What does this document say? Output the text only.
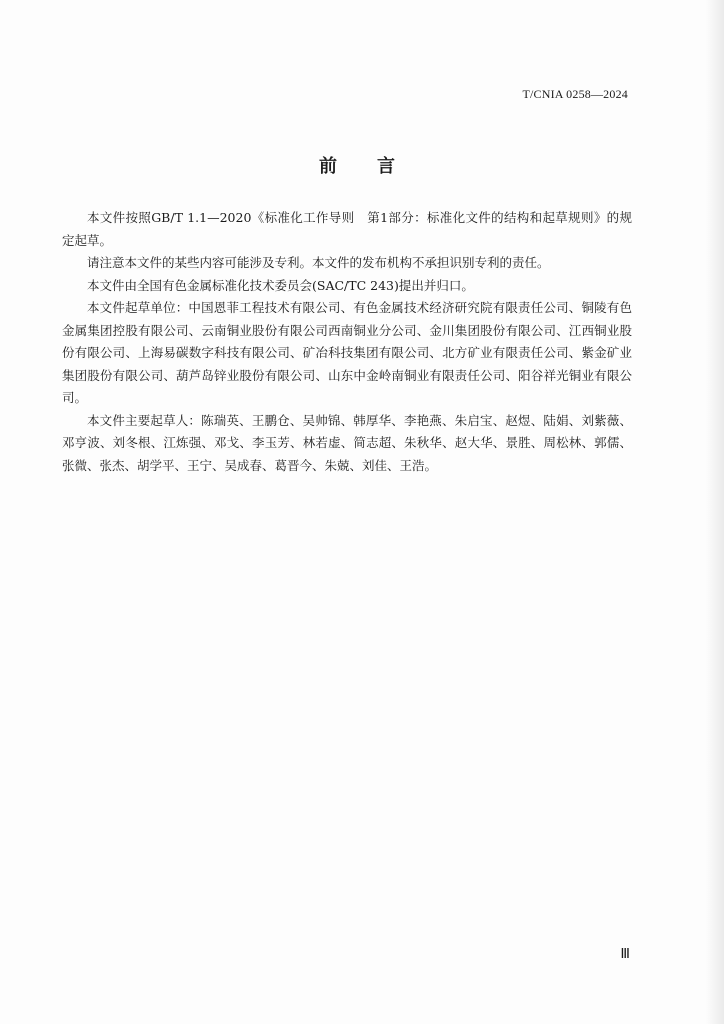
T/CNIA 0258—2024
前言

本文件按照GB/T 1.1—2020《标准化工作导则　第1部分：标准化文件的结构和起草规则》的规定起草。

请注意本文件的某些内容可能涉及专利。本文件的发布机构不承担识别专利的责任。

本文件由全国有色金属标准化技术委员会(SAC/TC 243)提出并归口。

本文件起草单位：中国恩菲工程技术有限公司、有色金属技术经济研究院有限责任公司、铜陵有色金属集团控股有限公司、云南铜业股份有限公司西南铜业分公司、金川集团股份有限公司、江西铜业股份有限公司、上海易碳数字科技有限公司、矿冶科技集团有限公司、北方矿业有限责任公司、紫金矿业集团股份有限公司、葫芦岛锌业股份有限公司、山东中金岭南铜业有限责任公司、阳谷祥光铜业有限公司。

本文件主要起草人：陈瑞英、王鹏仓、吴帅锦、韩厚华、李艳燕、朱启宝、赵煜、陆娟、刘紫薇、邓亨波、刘冬根、江炼强、邓戈、李玉芳、林若虚、简志超、朱秋华、赵大华、景胜、周松林、郭儒、张微、张杰、胡学平、王宁、吴成春、葛晋今、朱兢、刘佳、王浩。

Ⅲ
